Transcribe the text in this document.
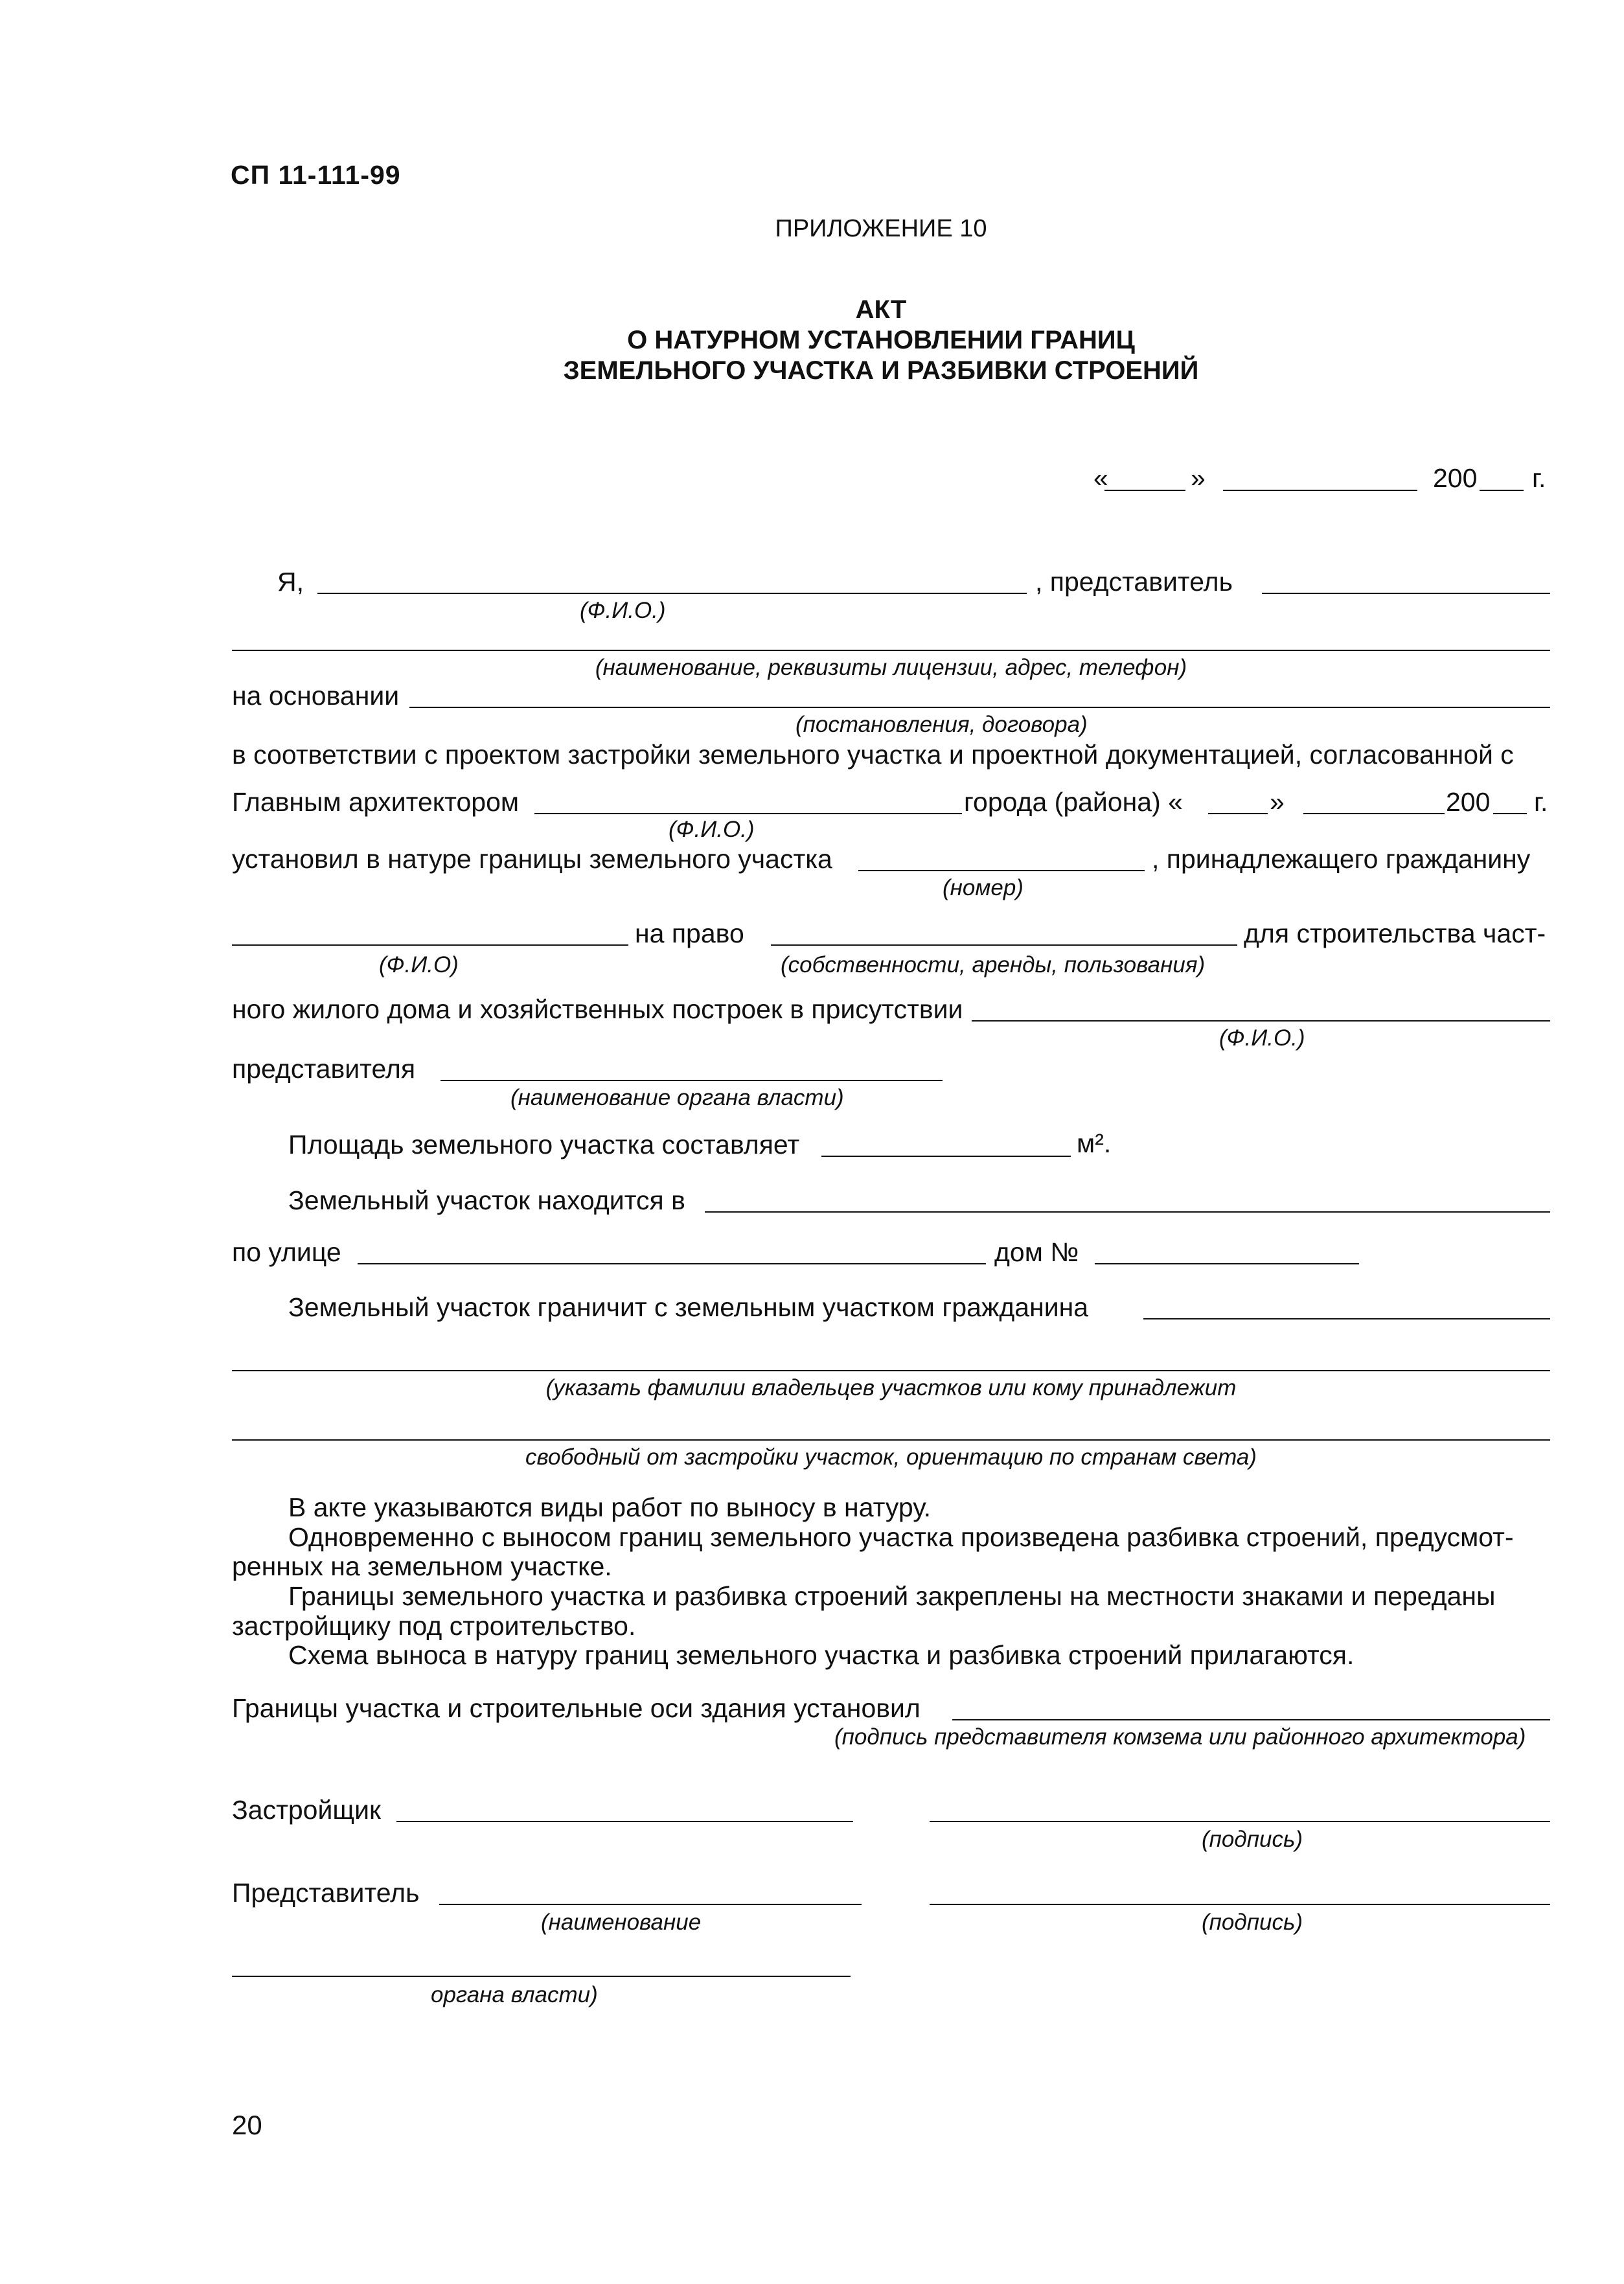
СП 11-111-99
ПРИЛОЖЕНИЕ 10
АКТ
О НАТУРНОМ УСТАНОВЛЕНИИ ГРАНИЦ
ЗЕМЕЛЬНОГО УЧАСТКА И РАЗБИВКИ СТРОЕНИЙ
«	»	200 г.
Я,	, представитель
(Ф.И.О.)
(наименование, реквизиты лицензии, адрес, телефон)
на основании
(постановления, договора)
в соответствии с проектом застройки земельного участка и проектной документацией, согласованной с
Главным архитектором	города (района) «	»	200 г.
(Ф.И.О.)
установил в натуре границы земельного участка	, принадлежащего гражданину
(номер)
на право	для строительства част-
(Ф.И.О)	(собственности, аренды, пользования)
ного жилого дома и хозяйственных построек в присутствии
(Ф.И.О.)
представителя
(наименование органа власти)
Площадь земельного участка составляет	м².
Земельный участок находится в
по улице	дом №
Земельный участок граничит с земельным участком гражданина
(указать фамилии владельцев участков или кому принадлежит
свободный от застройки участок, ориентацию по странам света)
В акте указываются виды работ по выносу в натуру.
Одновременно с выносом границ земельного участка произведена разбивка строений, предусмот-
ренных на земельном участке.
Границы земельного участка и разбивка строений закреплены на местности знаками и переданы
застройщику под строительство.
Схема выноса в натуру границ земельного участка и разбивка строений прилагаются.
Границы участка и строительные оси здания установил
(подпись представителя комзема или районного архитектора)
Застройщик
(подпись)
Представитель
(наименование	(подпись)
органа власти)
20
